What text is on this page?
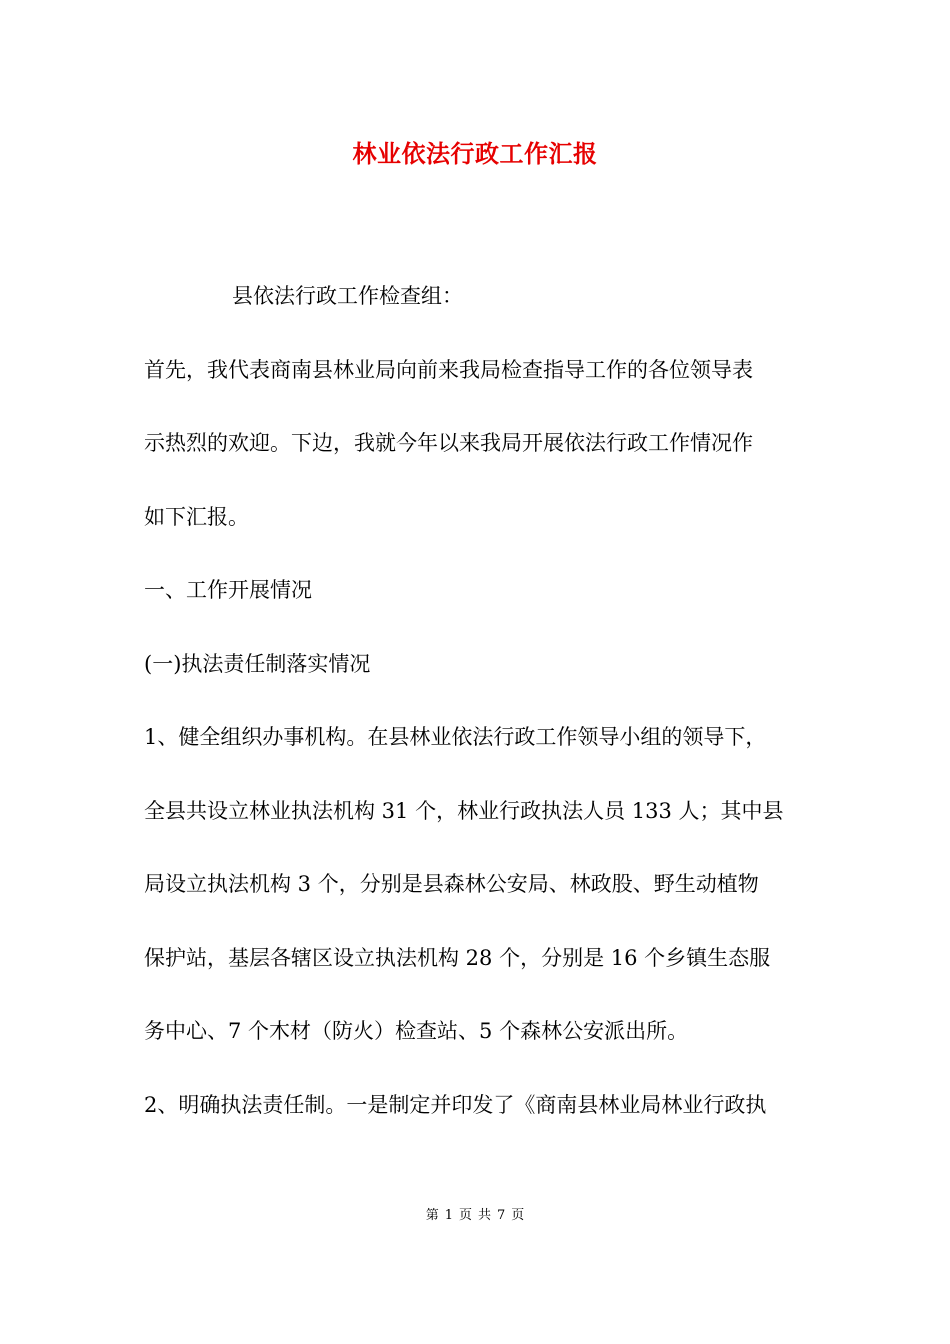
林业依法行政工作汇报

县依法行政工作检查组：

首先，我代表商南县林业局向前来我局检查指导工作的各位领导表

示热烈的欢迎。下边，我就今年以来我局开展依法行政工作情况作

如下汇报。

一、工作开展情况

(一)执法责任制落实情况

1、健全组织办事机构。在县林业依法行政工作领导小组的领导下，

全县共设立林业执法机构 31 个，林业行政执法人员 133 人；其中县

局设立执法机构 3 个，分别是县森林公安局、林政股、野生动植物

保护站，基层各辖区设立执法机构 28 个，分别是 16 个乡镇生态服

务中心、7 个木材（防火）检查站、5 个森林公安派出所。

2、明确执法责任制。一是制定并印发了《商南县林业局林业行政执

第 1 页 共 7 页
